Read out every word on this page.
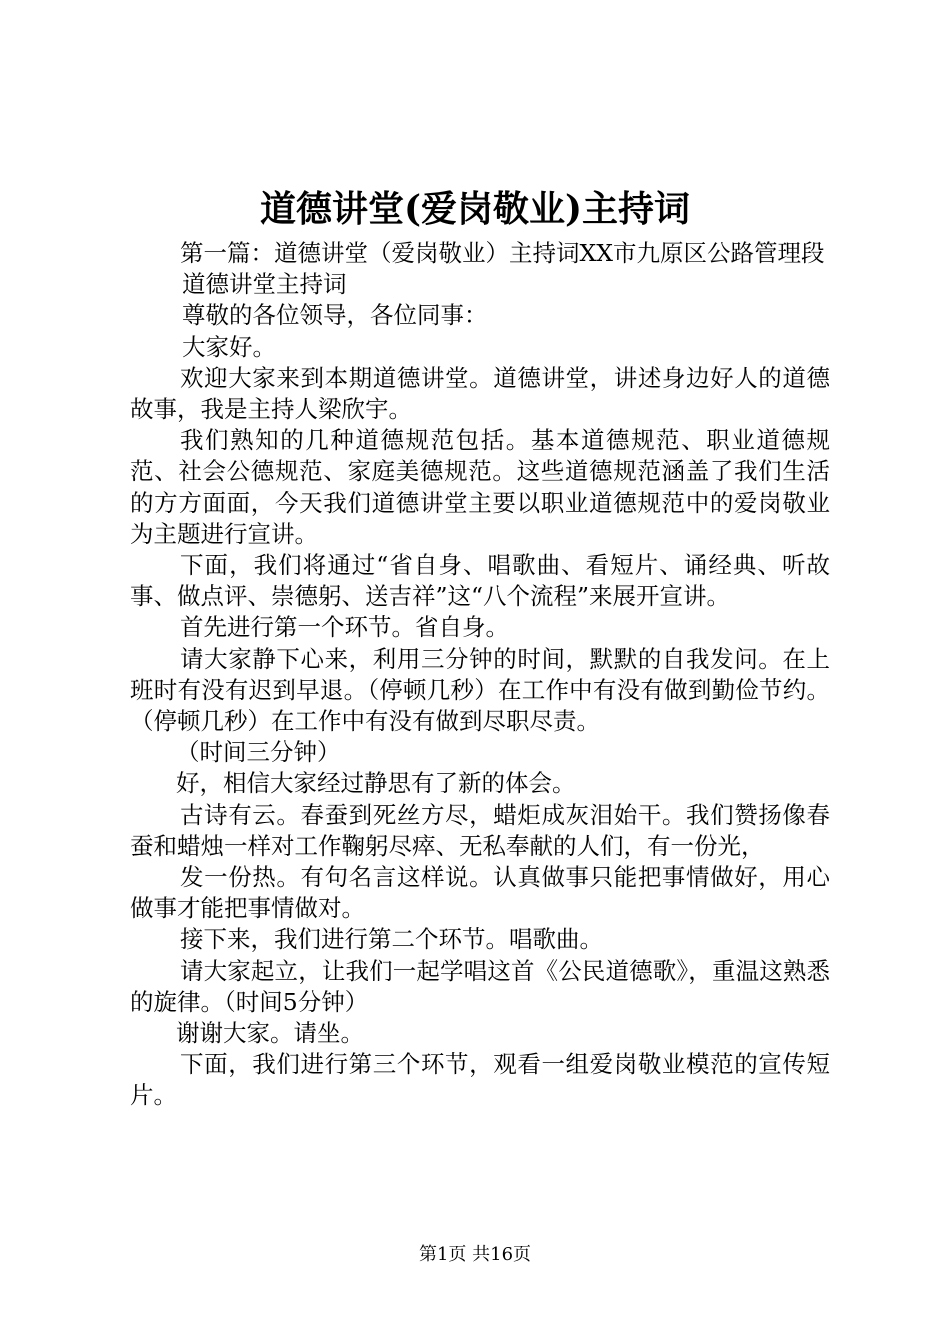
道德讲堂(爱岗敬业)主持词

第一篇：道德讲堂（爱岗敬业）主持词XX市九原区公路管理段

道德讲堂主持词

尊敬的各位领导，各位同事：

大家好。

欢迎大家来到本期道德讲堂。道德讲堂，讲述身边好人的道德故事，我是主持人梁欣宇。

我们熟知的几种道德规范包括。基本道德规范、职业道德规范、社会公德规范、家庭美德规范。这些道德规范涵盖了我们生活的方方面面，今天我们道德讲堂主要以职业道德规范中的爱岗敬业为主题进行宣讲。

下面，我们将通过“省自身、唱歌曲、看短片、诵经典、听故事、做点评、崇德躬、送吉祥”这“八个流程”来展开宣讲。

首先进行第一个环节。省自身。

请大家静下心来，利用三分钟的时间，默默的自我发问。在上班时有没有迟到早退。（停顿几秒）在工作中有没有做到勤俭节约。（停顿几秒）在工作中有没有做到尽职尽责。

（时间三分钟）

好，相信大家经过静思有了新的体会。

古诗有云。春蚕到死丝方尽，蜡炬成灰泪始干。我们赞扬像春蚕和蜡烛一样对工作鞠躬尽瘁、无私奉献的人们，有一份光，

发一份热。有句名言这样说。认真做事只能把事情做好，用心做事才能把事情做对。

接下来，我们进行第二个环节。唱歌曲。

请大家起立，让我们一起学唱这首《公民道德歌》，重温这熟悉的旋律。（时间5分钟）

谢谢大家。请坐。

下面，我们进行第三个环节，观看一组爱岗敬业模范的宣传短片。

第1页 共16页
